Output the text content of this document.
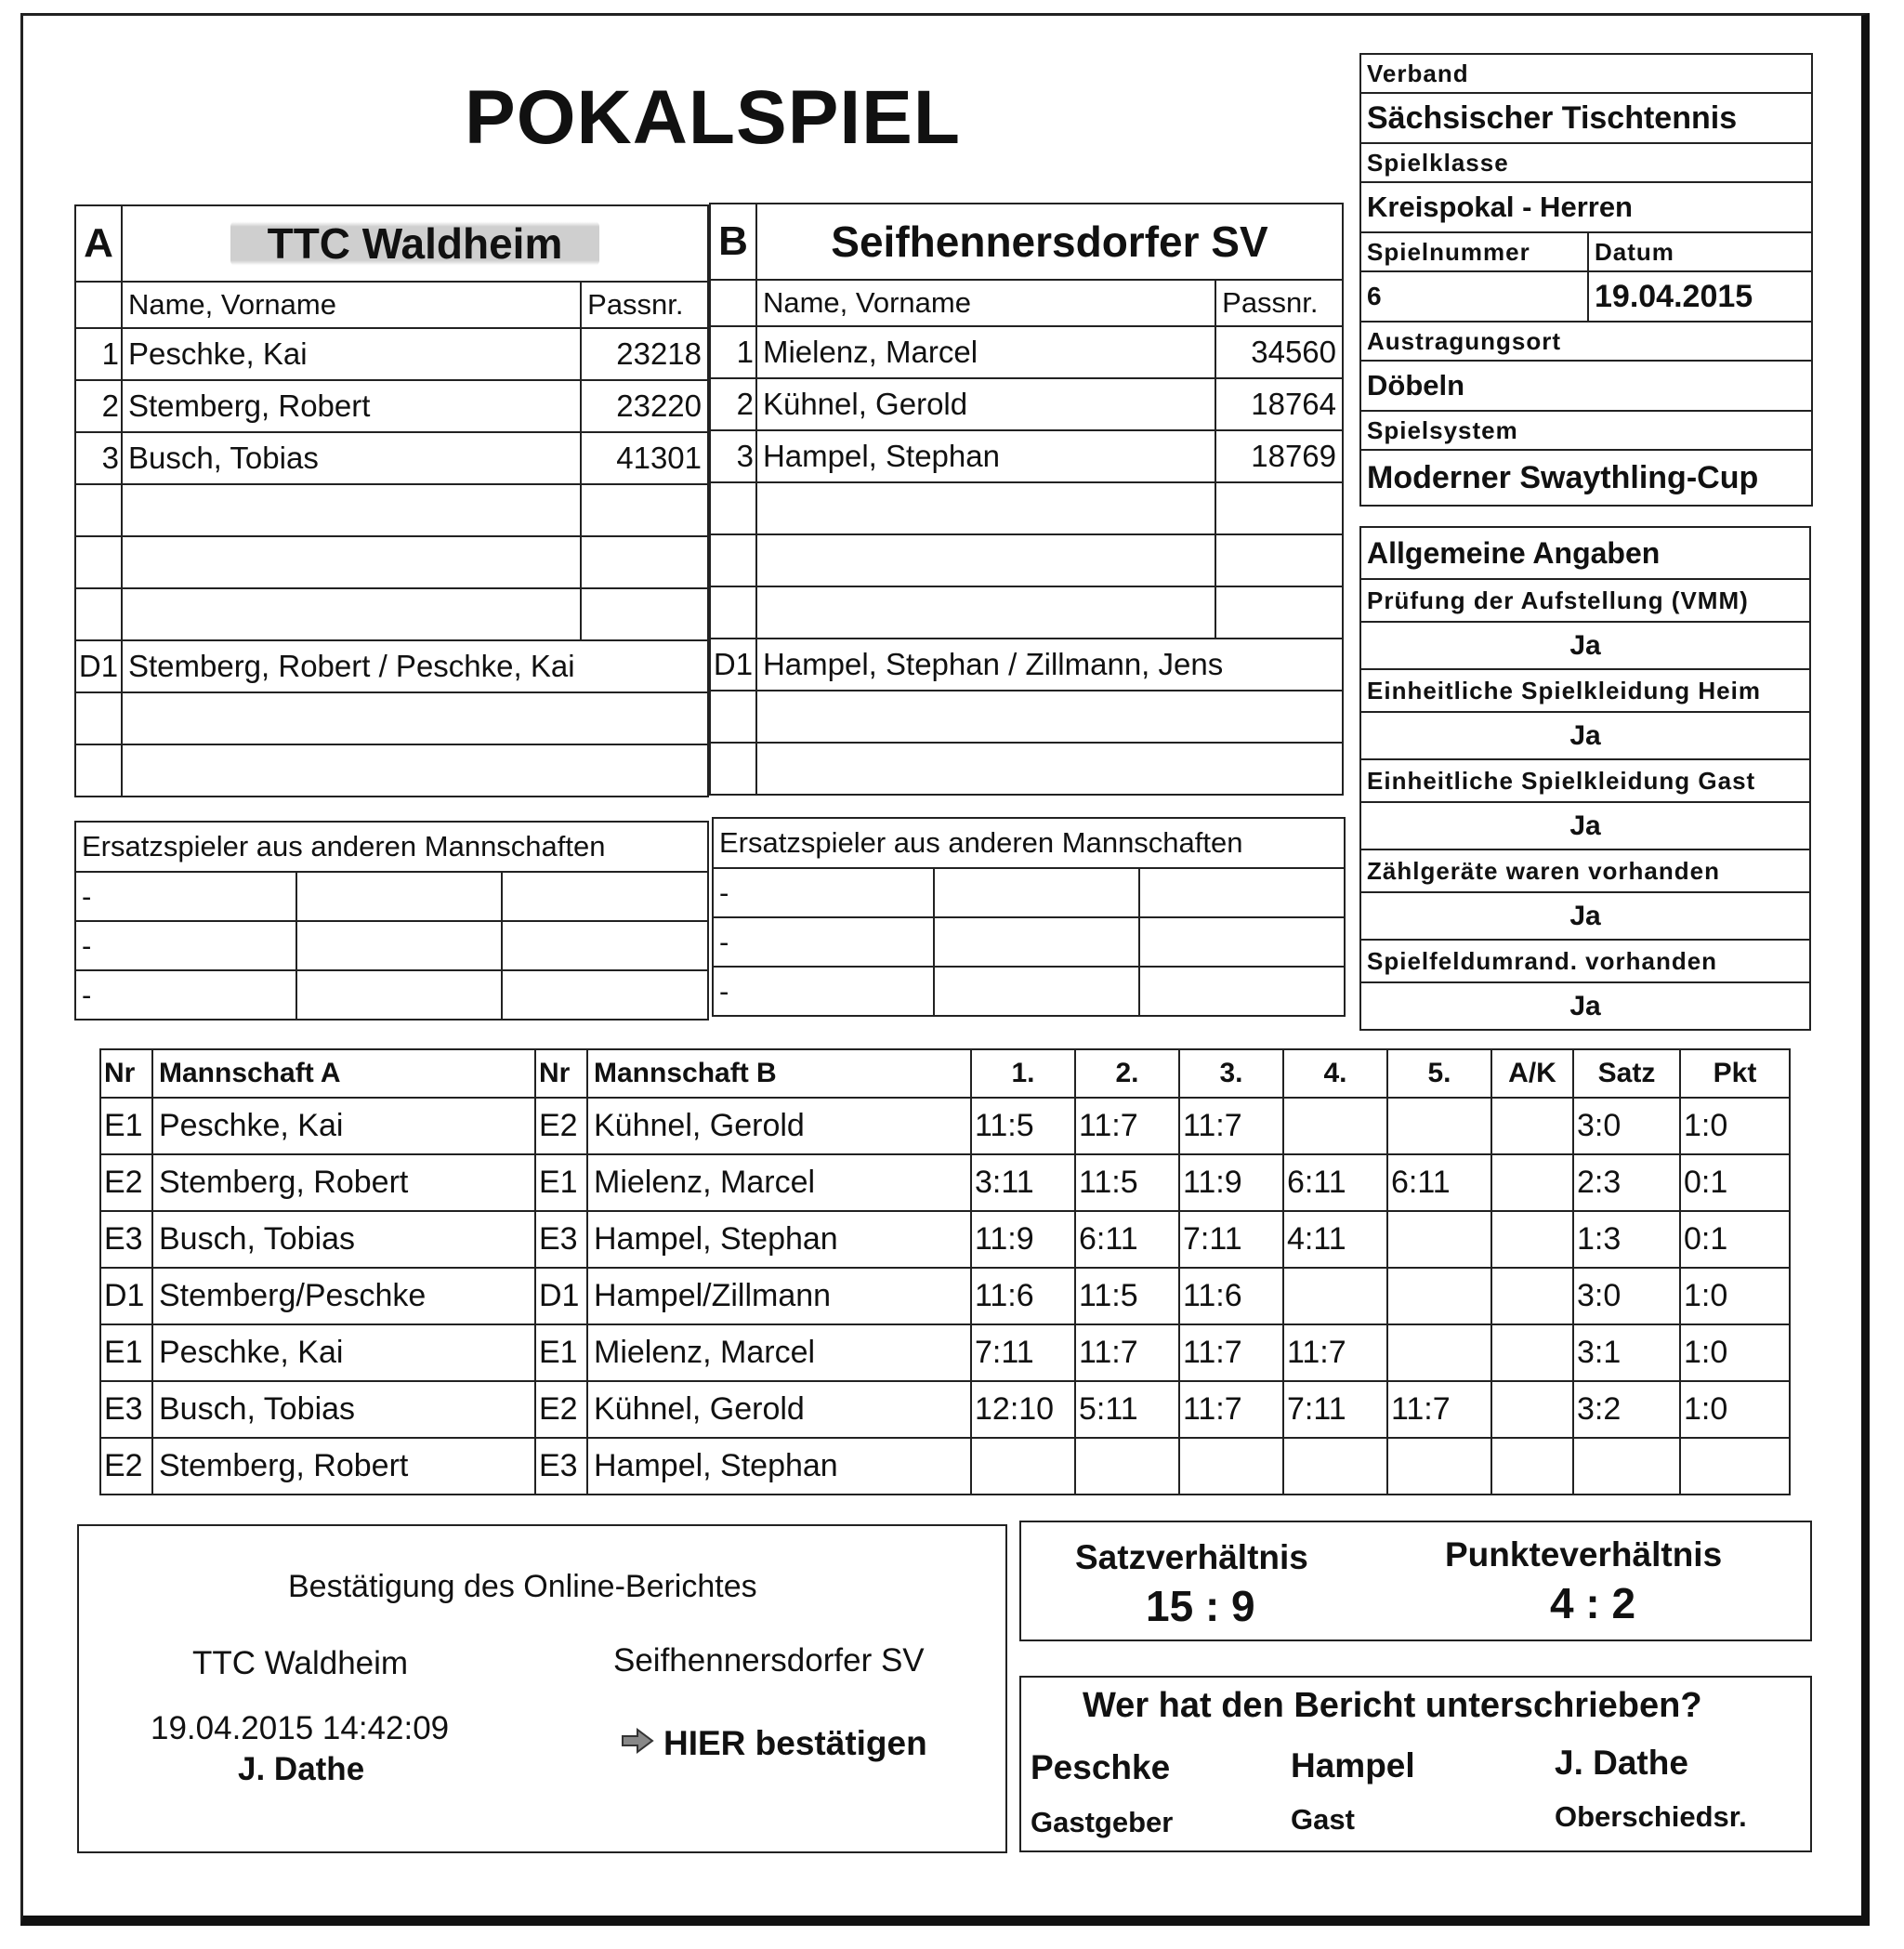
POKALSPIEL
A	TTC Waldheim	
	Name, Vorname	Passnr.
1	Peschke, Kai	23218
2	Stemberg, Robert	23220
3	Busch, Tobias	41301

D1	Stemberg, Robert / Peschke, Kai	

B	Seifhennersdorfer SV	
	Name, Vorname	Passnr.
1	Mielenz, Marcel	34560
2	Kühnel, Gerold	18764
3	Hampel, Stephan	18769

D1	Hampel, Stephan / Zillmann, Jens	

Ersatzspieler aus anderen Mannschaften		
-		
-		
-		
Ersatzspieler aus anderen Mannschaften		
-		
-		
-		
Verband	
Sächsischer Tischtennis	
Spielklasse	
Kreispokal - Herren	
Spielnummer	Datum
6	19.04.2015
Austragungsort	
Döbeln	
Spielsystem	
Moderner Swaythling-Cup	
Allgemeine Angaben
Prüfung der Aufstellung (VMM)
Ja
Einheitliche Spielkleidung Heim
Ja
Einheitliche Spielkleidung Gast
Ja
Zählgeräte waren vorhanden
Ja
Spielfeldumrand. vorhanden
Ja
Nr	Mannschaft A	Nr	Mannschaft B	1.	2.	3.	4.	5.	A/K	Satz	Pkt
E1	Peschke, Kai	E2	Kühnel, Gerold	11:5	11:7	11:7				3:0	1:0
E2	Stemberg, Robert	E1	Mielenz, Marcel	3:11	11:5	11:9	6:11	6:11		2:3	0:1
E3	Busch, Tobias	E3	Hampel, Stephan	11:9	6:11	7:11	4:11			1:3	0:1
D1	Stemberg/Peschke	D1	Hampel/Zillmann	11:6	11:5	11:6				3:0	1:0
E1	Peschke, Kai	E1	Mielenz, Marcel	7:11	11:7	11:7	11:7			3:1	1:0
E3	Busch, Tobias	E2	Kühnel, Gerold	12:10	5:11	11:7	7:11	11:7		3:2	1:0
E2	Stemberg, Robert	E3	Hampel, Stephan								
Bestätigung des Online-Berichtes
TTC Waldheim	Seifhennersdorfer SV
19.04.2015 14:42:09
J. Dathe
HIER bestätigen
Satzverhältnis
15 : 9
Punkteverhältnis
4 : 2
Wer hat den Bericht unterschrieben?
Peschke
Gastgeber
Hampel
Gast
J. Dathe
Oberschiedsr.
